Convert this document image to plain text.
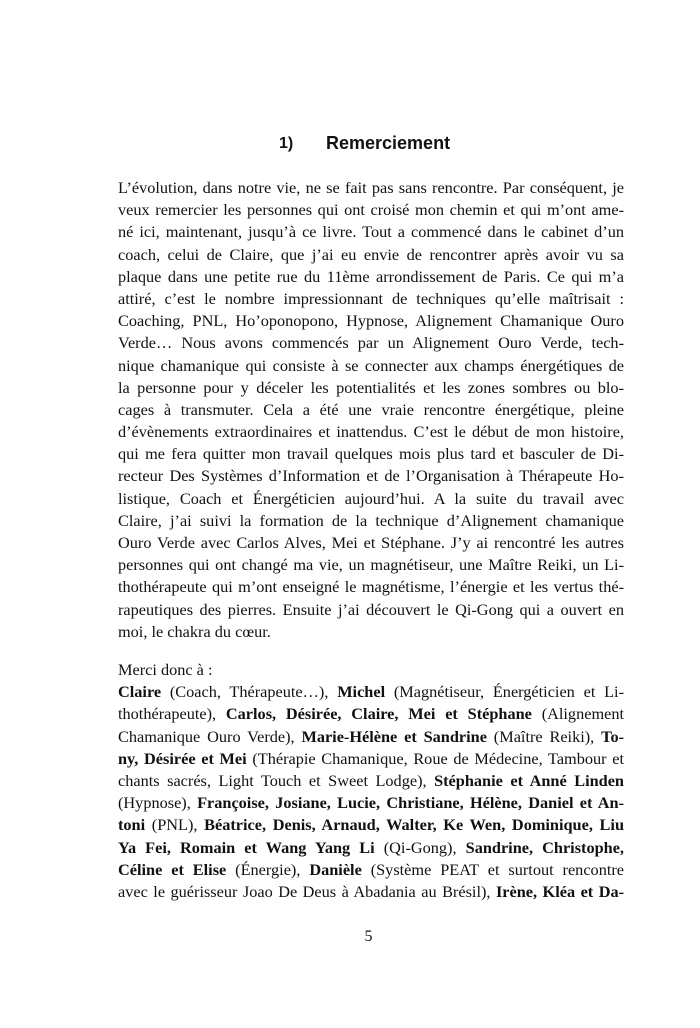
1) Remerciement
L’évolution, dans notre vie, ne se fait pas sans rencontre. Par conséquent, je
veux remercier les personnes qui ont croisé mon chemin et qui m’ont ame-
né ici, maintenant, jusqu’à ce livre. Tout a commencé dans le cabinet d’un
coach, celui de Claire, que j’ai eu envie de rencontrer après avoir vu sa
plaque dans une petite rue du 11ème arrondissement de Paris. Ce qui m’a
attiré, c’est le nombre impressionnant de techniques qu’elle maîtrisait :
Coaching, PNL, Ho’oponopono, Hypnose, Alignement Chamanique Ouro
Verde… Nous avons commencés par un Alignement Ouro Verde, tech-
nique chamanique qui consiste à se connecter aux champs énergétiques de
la personne pour y déceler les potentialités et les zones sombres ou blo-
cages à transmuter. Cela a été une vraie rencontre énergétique, pleine
d’évènements extraordinaires et inattendus. C’est le début de mon histoire,
qui me fera quitter mon travail quelques mois plus tard et basculer de Di-
recteur Des Systèmes d’Information et de l’Organisation à Thérapeute Ho-
listique, Coach et Énergéticien aujourd’hui. A la suite du travail avec
Claire, j’ai suivi la formation de la technique d’Alignement chamanique
Ouro Verde avec Carlos Alves, Mei et Stéphane. J’y ai rencontré les autres
personnes qui ont changé ma vie, un magnétiseur, une Maître Reiki, un Li-
thothérapeute qui m’ont enseigné le magnétisme, l’énergie et les vertus thé-
rapeutiques des pierres. Ensuite j’ai découvert le Qi-Gong qui a ouvert en
moi, le chakra du cœur.
Merci donc à :
Claire (Coach, Thérapeute…), Michel (Magnétiseur, Énergéticien et Li-
thothérapeute), Carlos, Désirée, Claire, Mei et Stéphane (Alignement
Chamanique Ouro Verde), Marie-Hélène et Sandrine (Maître Reiki), To-
ny, Désirée et Mei (Thérapie Chamanique, Roue de Médecine, Tambour et
chants sacrés, Light Touch et Sweet Lodge), Stéphanie et Anné Linden
(Hypnose), Françoise, Josiane, Lucie, Christiane, Hélène, Daniel et An-
toni (PNL), Béatrice, Denis, Arnaud, Walter, Ke Wen, Dominique, Liu
Ya Fei, Romain et Wang Yang Li (Qi-Gong), Sandrine, Christophe,
Céline et Elise (Énergie), Danièle (Système PEAT et surtout rencontre
avec le guérisseur Joao De Deus à Abadania au Brésil), Irène, Kléa et Da-
5
